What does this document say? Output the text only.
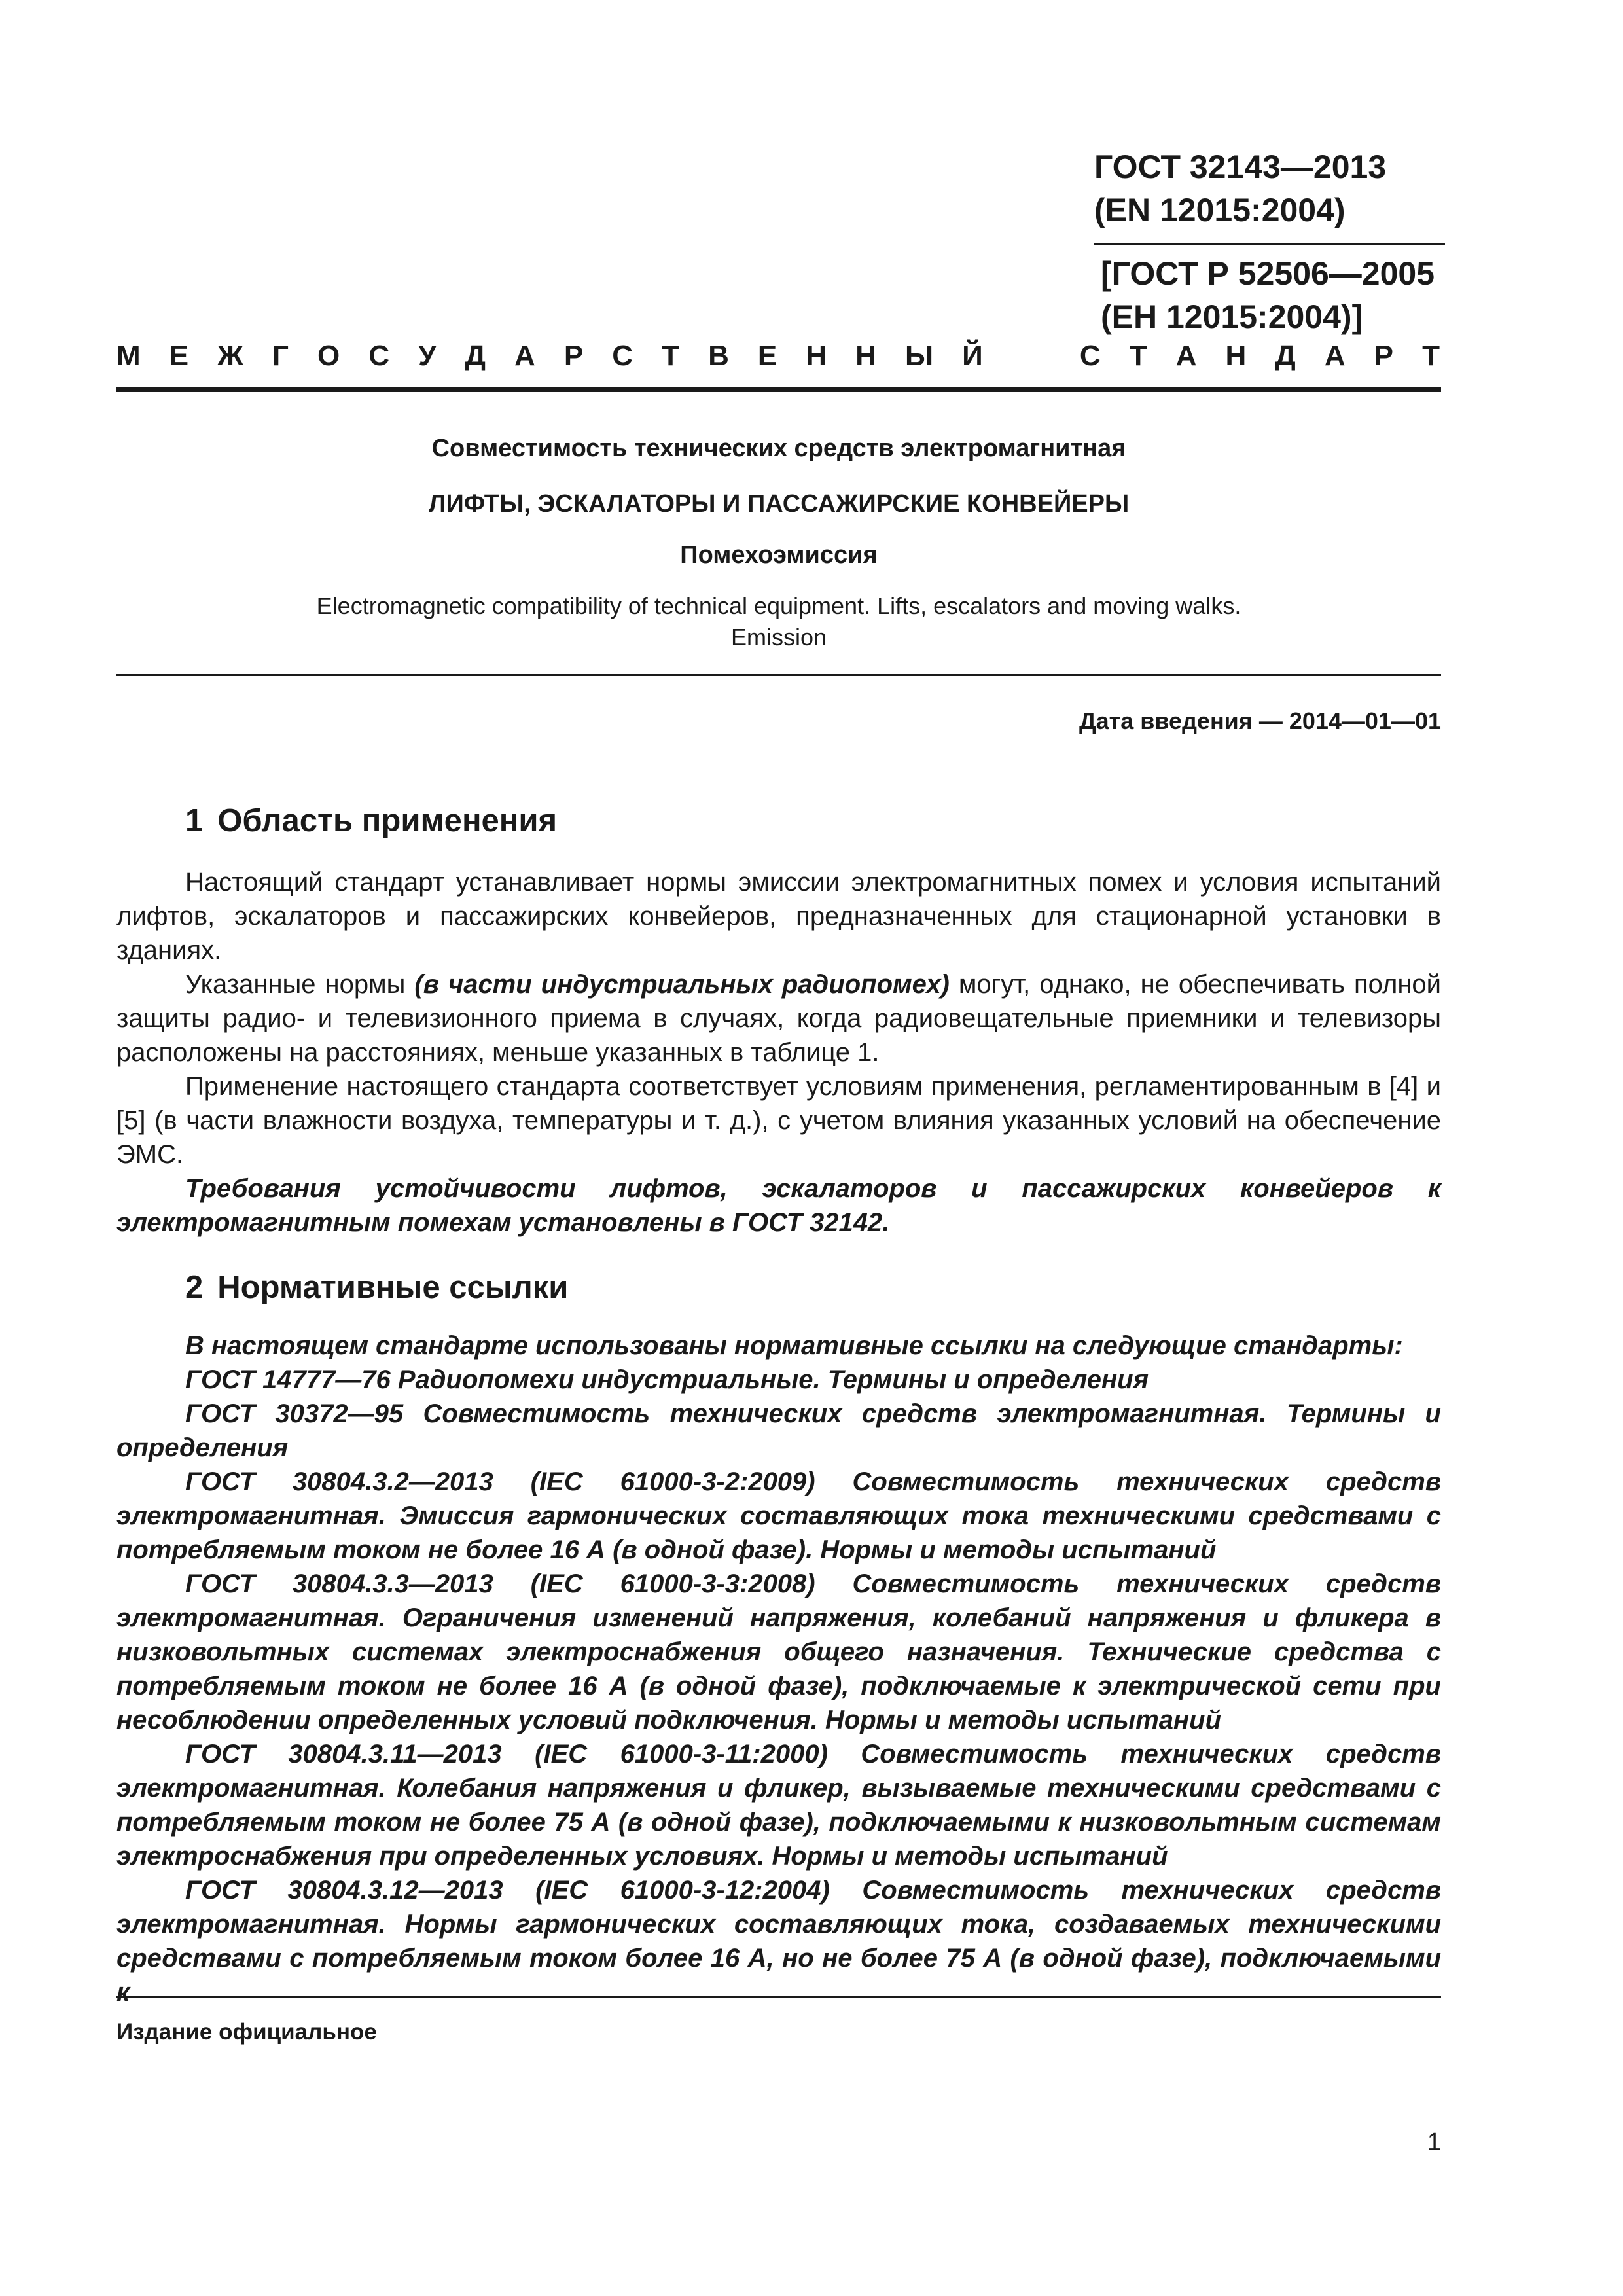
ГОСТ 32143—2013

(EN 12015:2004)

[ГОСТ Р 52506—2005

(ЕН 12015:2004)]

М Е Ж Г О С У Д А Р С Т В Е Н Н Ы Й	С Т А Н Д А Р Т
Совместимость технических средств электромагнитная
ЛИФТЫ, ЭСКАЛАТОРЫ И ПАССАЖИРСКИЕ КОНВЕЙЕРЫ
Помехоэмиссия
Electromagnetic compatibility of technical equipment. Lifts, escalators and moving walks.
Emission
Дата введения — 2014—01—01
1 Область применения

Настоящий стандарт устанавливает нормы эмиссии электромагнитных помех и условия испытаний лифтов, эскалаторов и пассажирских конвейеров, предназначенных для стационарной установки в зданиях.

Указанные нормы (в части индустриальных радиопомех) могут, однако, не обеспечивать полной защиты радио- и телевизионного приема в случаях, когда радиовещательные приемники и телевизоры расположены на расстояниях, меньше указанных в таблице 1.

Применение настоящего стандарта соответствует условиям применения, регламентированным в [4] и [5] (в части влажности воздуха, температуры и т. д.), с учетом влияния указанных условий на обеспечение ЭМС.

Требования устойчивости лифтов, эскалаторов и пассажирских конвейеров к электромагнитным помехам установлены в ГОСТ 32142.

2 Нормативные ссылки

В настоящем стандарте использованы нормативные ссылки на следующие стандарты:

ГОСТ 14777—76 Радиопомехи индустриальные. Термины и определения

ГОСТ 30372—95 Совместимость технических средств электромагнитная. Термины и определения

ГОСТ 30804.3.2—2013 (IEC 61000-3-2:2009) Совместимость технических средств электромагнитная. Эмиссия гармонических составляющих тока техническими средствами с потребляемым током не более 16 А (в одной фазе). Нормы и методы испытаний

ГОСТ 30804.3.3—2013 (IEC 61000-3-3:2008) Совместимость технических средств электромагнитная. Ограничения изменений напряжения, колебаний напряжения и фликера в низковольтных системах электроснабжения общего назначения. Технические средства с потребляемым током не более 16 А (в одной фазе), подключаемые к электрической сети при несоблюдении определенных условий подключения. Нормы и методы испытаний

ГОСТ 30804.3.11—2013 (IEC 61000-3-11:2000) Совместимость технических средств электромагнитная. Колебания напряжения и фликер, вызываемые техническими средствами с потребляемым током не более 75 А (в одной фазе), подключаемыми к низковольтным системам электроснабжения при определенных условиях. Нормы и методы испытаний

ГОСТ 30804.3.12—2013 (IEC 61000-3-12:2004) Совместимость технических средств электромагнитная. Нормы гармонических составляющих тока, создаваемых техническими средствами с потребляемым током более 16 А, но не более 75 А (в одной фазе), подключаемыми к

Издание официальное
1
